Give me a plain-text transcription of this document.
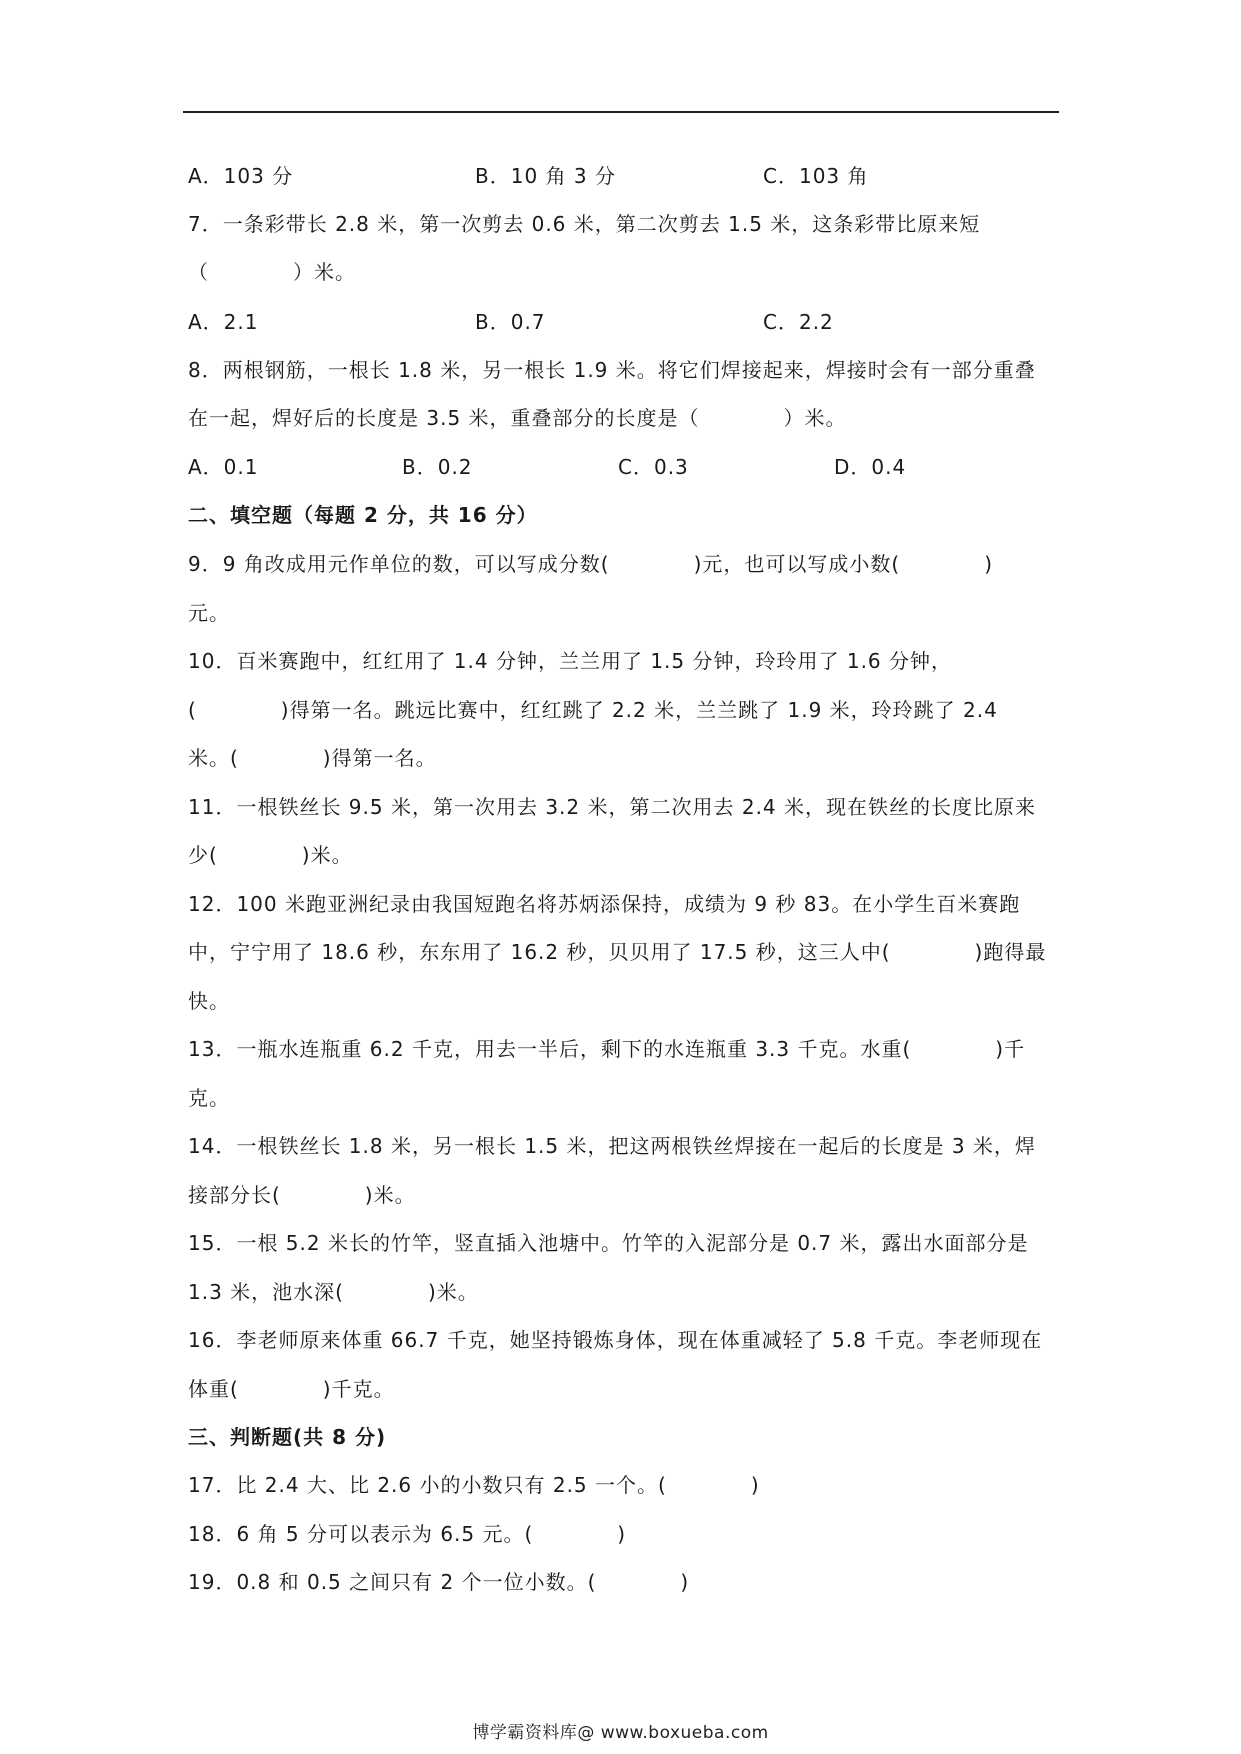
A．103 分	B．10 角 3 分	C．103 角
7．一条彩带长 2.8 米，第一次剪去 0.6 米，第二次剪去 1.5 米，这条彩带比原来短
（　　　　）米。
A．2.1	B．0.7	C．2.2
8．两根钢筋，一根长 1.8 米，另一根长 1.9 米。将它们焊接起来，焊接时会有一部分重叠
在一起，焊好后的长度是 3.5 米，重叠部分的长度是（　　　　）米。
A．0.1	B．0.2	C．0.3	D．0.4
二、填空题（每题 2 分，共 16 分）
9．9 角改成用元作单位的数，可以写成分数(　　　　)元，也可以写成小数(　　　　)
元。
10．百米赛跑中，红红用了 1.4 分钟，兰兰用了 1.5 分钟，玲玲用了 1.6 分钟，
(　　　　)得第一名。跳远比赛中，红红跳了 2.2 米，兰兰跳了 1.9 米，玲玲跳了 2.4
米。(　　　　)得第一名。
11．一根铁丝长 9.5 米，第一次用去 3.2 米，第二次用去 2.4 米，现在铁丝的长度比原来
少(　　　　)米。
12．100 米跑亚洲纪录由我国短跑名将苏炳添保持，成绩为 9 秒 83。在小学生百米赛跑
中，宁宁用了 18.6 秒，东东用了 16.2 秒，贝贝用了 17.5 秒，这三人中(　　　　)跑得最
快。
13．一瓶水连瓶重 6.2 千克，用去一半后，剩下的水连瓶重 3.3 千克。水重(　　　　)千
克。
14．一根铁丝长 1.8 米，另一根长 1.5 米，把这两根铁丝焊接在一起后的长度是 3 米，焊
接部分长(　　　　)米。
15．一根 5.2 米长的竹竿，竖直插入池塘中。竹竿的入泥部分是 0.7 米，露出水面部分是
1.3 米，池水深(　　　　)米。
16．李老师原来体重 66.7 千克，她坚持锻炼身体，现在体重减轻了 5.8 千克。李老师现在
体重(　　　　)千克。
三、判断题(共 8 分)
17．比 2.4 大、比 2.6 小的小数只有 2.5 一个。(　　　　)
18．6 角 5 分可以表示为 6.5 元。(　　　　)
19．0.8 和 0.5 之间只有 2 个一位小数。(　　　　)
博学霸资料库@ www.boxueba.com
